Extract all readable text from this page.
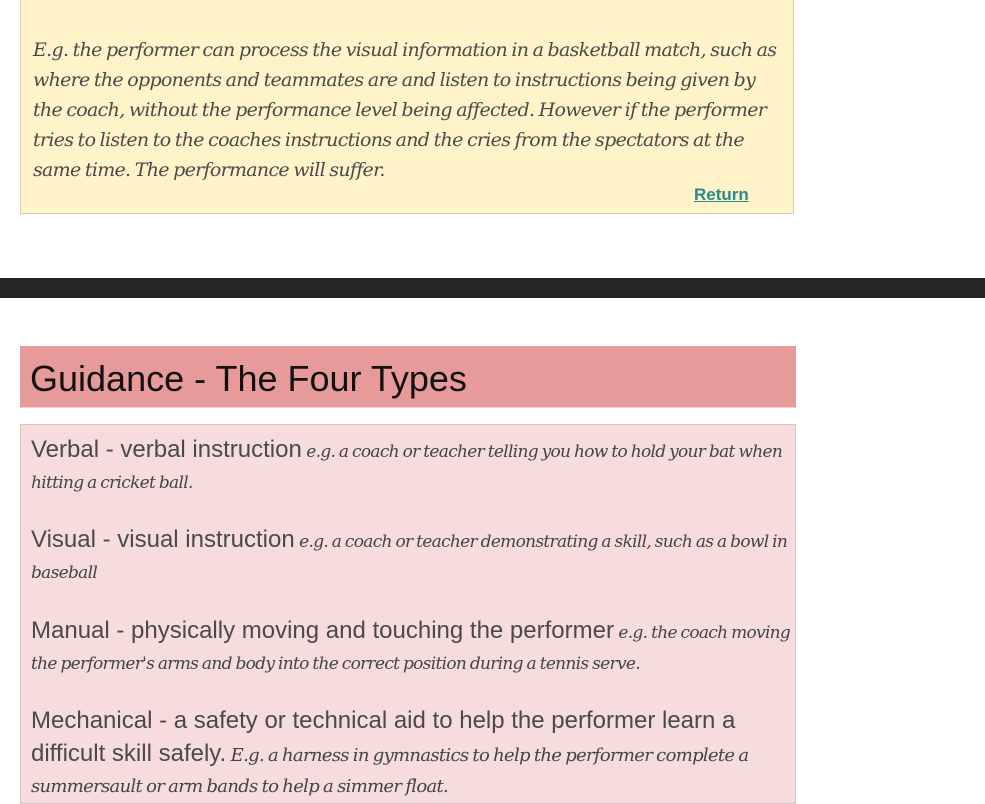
E.g. the performer can process the visual information in a basketball match, such as where the opponents and teammates are and listen to instructions being given by the coach, without the performance level being affected. However if the performer tries to listen to the coaches instructions and the cries from the spectators at the same time. The performance will suffer.

Return
Guidance - The Four Types

Verbal - verbal instruction e.g. a coach or teacher telling you how to hold your bat when hitting a cricket ball.

Visual - visual instruction e.g. a coach or teacher demonstrating a skill, such as a bowl in baseball

Manual - physically moving and touching the performer e.g. the coach moving the performer's arms and body into the correct position during a tennis serve.

Mechanical - a safety or technical aid to help the performer learn a difficult skill safely. E.g. a harness in gymnastics to help the performer complete a summersault or arm bands to help a simmer float.
